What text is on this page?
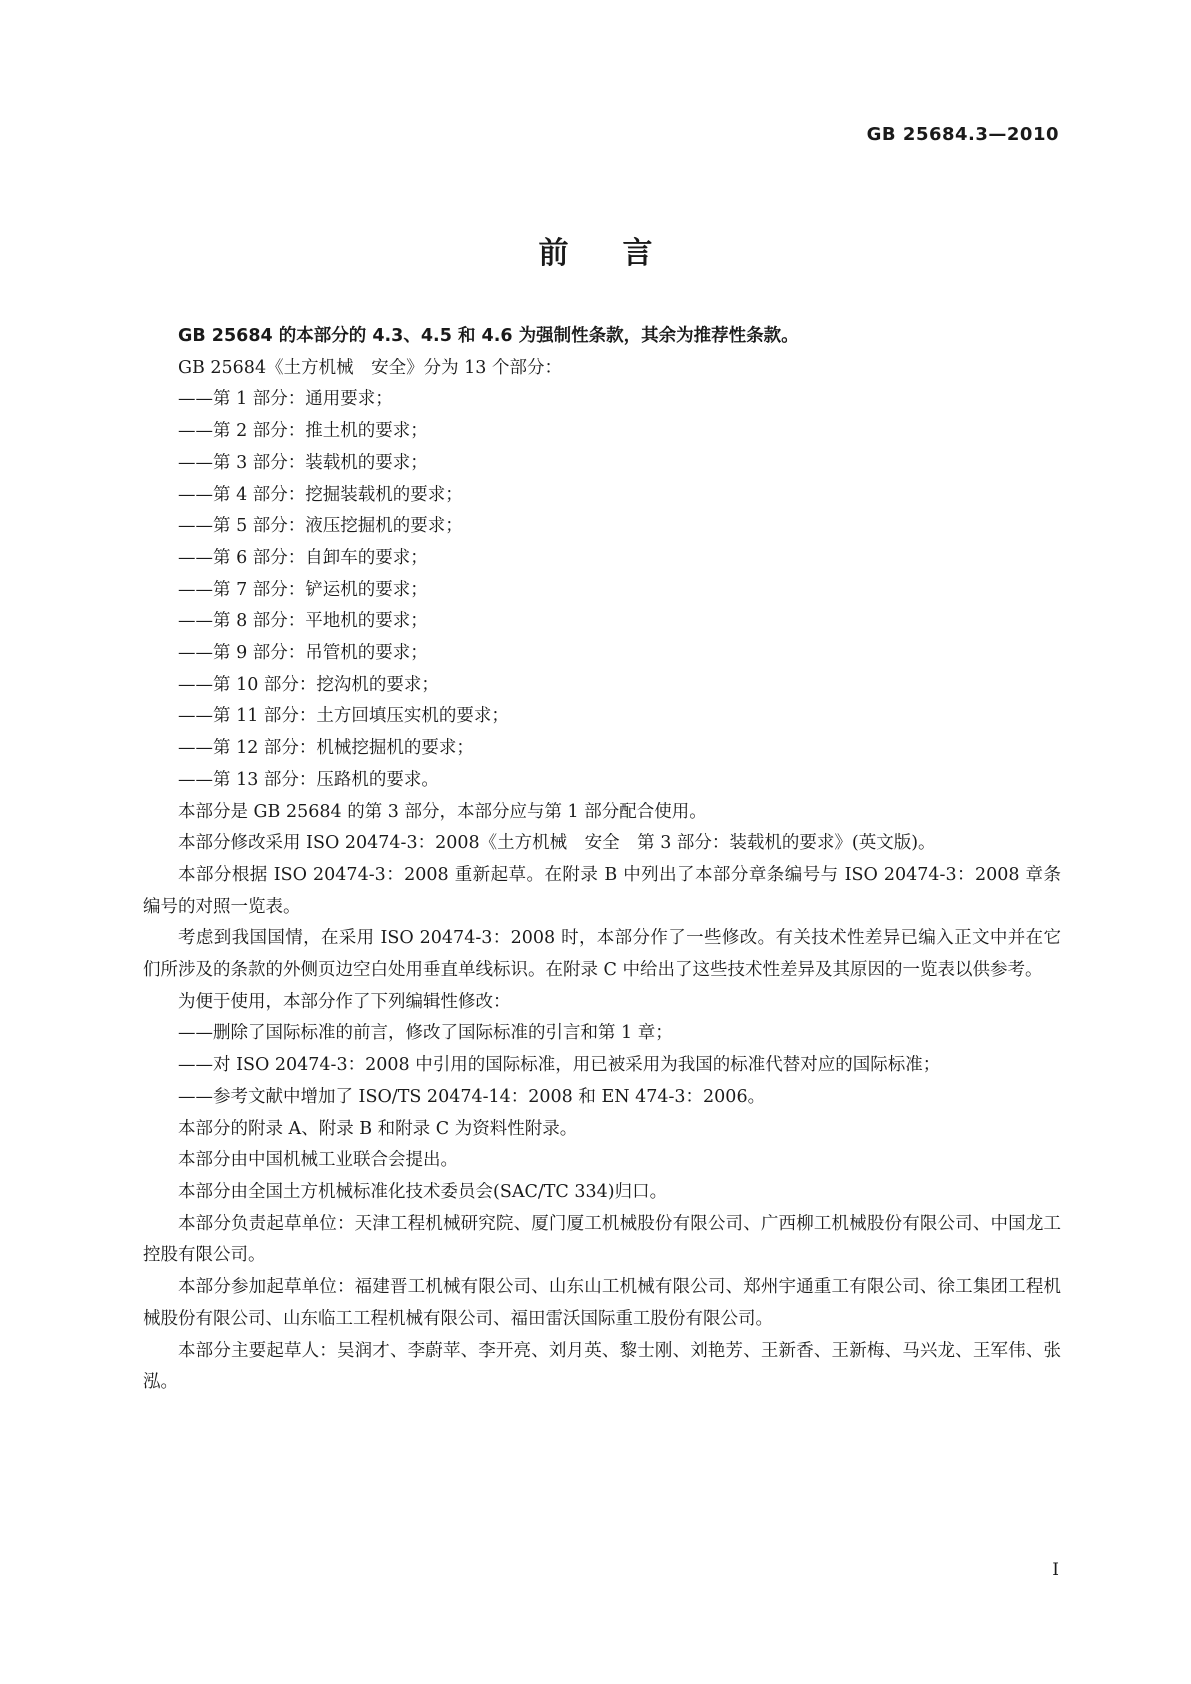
GB 25684.3—2010
前言

GB 25684 的本部分的 4.3、4.5 和 4.6 为强制性条款，其余为推荐性条款。

GB 25684《土方机械　安全》分为 13 个部分：

——第 1 部分：通用要求；

——第 2 部分：推土机的要求；

——第 3 部分：装载机的要求；

——第 4 部分：挖掘装载机的要求；

——第 5 部分：液压挖掘机的要求；

——第 6 部分：自卸车的要求；

——第 7 部分：铲运机的要求；

——第 8 部分：平地机的要求；

——第 9 部分：吊管机的要求；

——第 10 部分：挖沟机的要求；

——第 11 部分：土方回填压实机的要求；

——第 12 部分：机械挖掘机的要求；

——第 13 部分：压路机的要求。

本部分是 GB 25684 的第 3 部分，本部分应与第 1 部分配合使用。

本部分修改采用 ISO 20474-3：2008《土方机械　安全　第 3 部分：装载机的要求》(英文版)。

本部分根据 ISO 20474-3：2008 重新起草。在附录 B 中列出了本部分章条编号与 ISO 20474-3：2008 章条编号的对照一览表。

考虑到我国国情，在采用 ISO 20474-3：2008 时，本部分作了一些修改。有关技术性差异已编入正文中并在它们所涉及的条款的外侧页边空白处用垂直单线标识。在附录 C 中给出了这些技术性差异及其原因的一览表以供参考。

为便于使用，本部分作了下列编辑性修改：

——删除了国际标准的前言，修改了国际标准的引言和第 1 章；

——对 ISO 20474-3：2008 中引用的国际标准，用已被采用为我国的标准代替对应的国际标准；

——参考文献中增加了 ISO/TS 20474-14：2008 和 EN 474-3：2006。

本部分的附录 A、附录 B 和附录 C 为资料性附录。

本部分由中国机械工业联合会提出。

本部分由全国土方机械标准化技术委员会(SAC/TC 334)归口。

本部分负责起草单位：天津工程机械研究院、厦门厦工机械股份有限公司、广西柳工机械股份有限公司、中国龙工控股有限公司。

本部分参加起草单位：福建晋工机械有限公司、山东山工机械有限公司、郑州宇通重工有限公司、徐工集团工程机械股份有限公司、山东临工工程机械有限公司、福田雷沃国际重工股份有限公司。

本部分主要起草人：吴润才、李蔚苹、李开亮、刘月英、黎士刚、刘艳芳、王新香、王新梅、马兴龙、王军伟、张泓。

I
